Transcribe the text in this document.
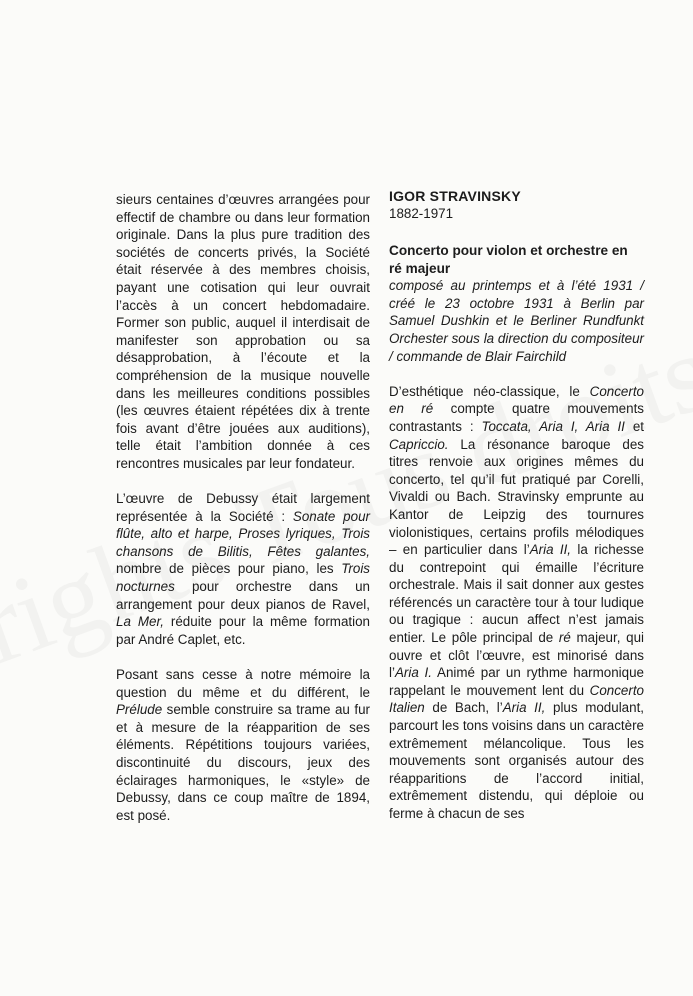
sieurs centaines d’œuvres arrangées pour effectif de chambre ou dans leur formation originale. Dans la plus pure tradition des sociétés de concerts privés, la Société était réservée à des membres choisis, payant une cotisation qui leur ouvrait l’accès à un concert hebdomadaire. Former son public, auquel il interdisait de manifester son approbation ou sa désapprobation, à l’écoute et la compréhension de la musique nouvelle dans les meilleures conditions possibles (les œuvres étaient répétées dix à trente fois avant d’être jouées aux auditions), telle était l’ambition donnée à ces rencontres musicales par leur fondateur.

L’œuvre de Debussy était largement représentée à la Société : Sonate pour flûte, alto et harpe, Proses lyriques, Trois chansons de Bilitis, Fêtes galantes, nombre de pièces pour piano, les Trois nocturnes pour orchestre dans un arrangement pour deux pianos de Ravel, La Mer, réduite pour la même formation par André Caplet, etc.

Posant sans cesse à notre mémoire la question du même et du différent, le Prélude semble construire sa trame au fur et à mesure de la réapparition de ses éléments. Répétitions toujours variées, discontinuité du discours, jeux des éclairages harmoniques, le «style» de Debussy, dans ce coup maître de 1894, est posé.

IGOR STRAVINSKY
1882-1971
Concerto pour violon et orchestre en ré majeur

composé au printemps et à l’été 1931 / créé le 23 octobre 1931 à Berlin par Samuel Dushkin et le Berliner Rundfunkt Orchester sous la direction du compositeur / commande de Blair Fairchild

D’esthétique néo-classique, le Concerto en ré compte quatre mouvements contrastants : Toccata, Aria I, Aria II et Capriccio. La résonance baroque des titres renvoie aux origines mêmes du concerto, tel qu’il fut pratiqué par Corelli, Vivaldi ou Bach. Stravinsky emprunte au Kantor de Leipzig des tournures violonistiques, certains profils mélodiques – en particulier dans l’Aria II, la richesse du contrepoint qui émaille l’écriture orchestrale. Mais il sait donner aux gestes référencés un caractère tour à tour ludique ou tragique : aucun affect n’est jamais entier. Le pôle principal de ré majeur, qui ouvre et clôt l’œuvre, est minorisé dans l’Aria I. Animé par un rythme harmonique rappelant le mouvement lent du Concerto Italien de Bach, l’Aria II, plus modulant, parcourt les tons voisins dans un caractère extrêmement mélancolique. Tous les mouvements sont organisés autour des réapparitions de l’accord initial, extrêmement distendu, qui déploie ou ferme à chacun de ses
